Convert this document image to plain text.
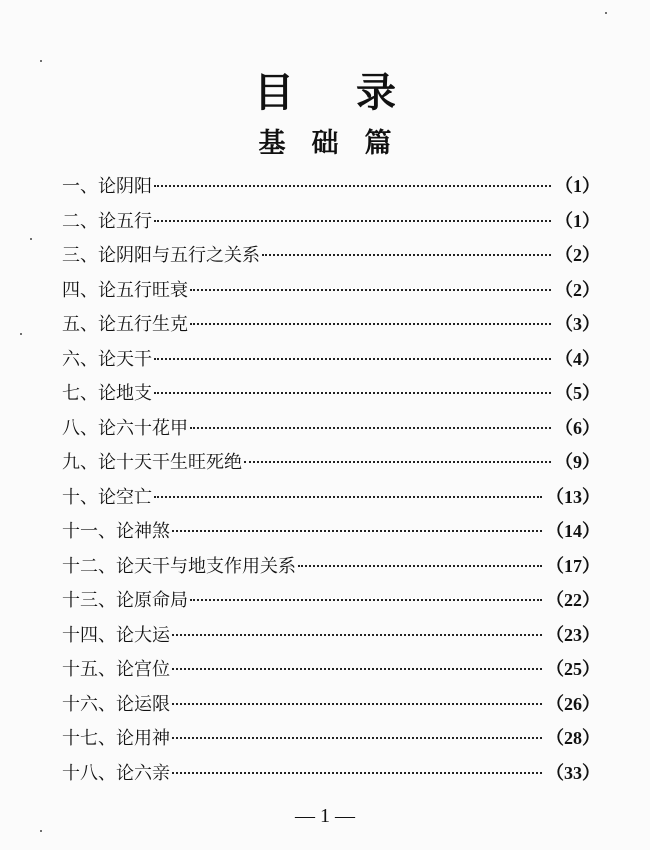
目录
基础篇
一、论阴阳	（1）
二、论五行	（1）
三、论阴阳与五行之关系	（2）
四、论五行旺衰	（2）
五、论五行生克	（3）
六、论天干	（4）
七、论地支	（5）
八、论六十花甲	（6）
九、论十天干生旺死绝	（9）
十、论空亡	（13）
十一、论神煞	（14）
十二、论天干与地支作用关系	（17）
十三、论原命局	（22）
十四、论大运	（23）
十五、论宫位	（25）
十六、论运限	（26）
十七、论用神	（28）
十八、论六亲	（33）
— 1 —
